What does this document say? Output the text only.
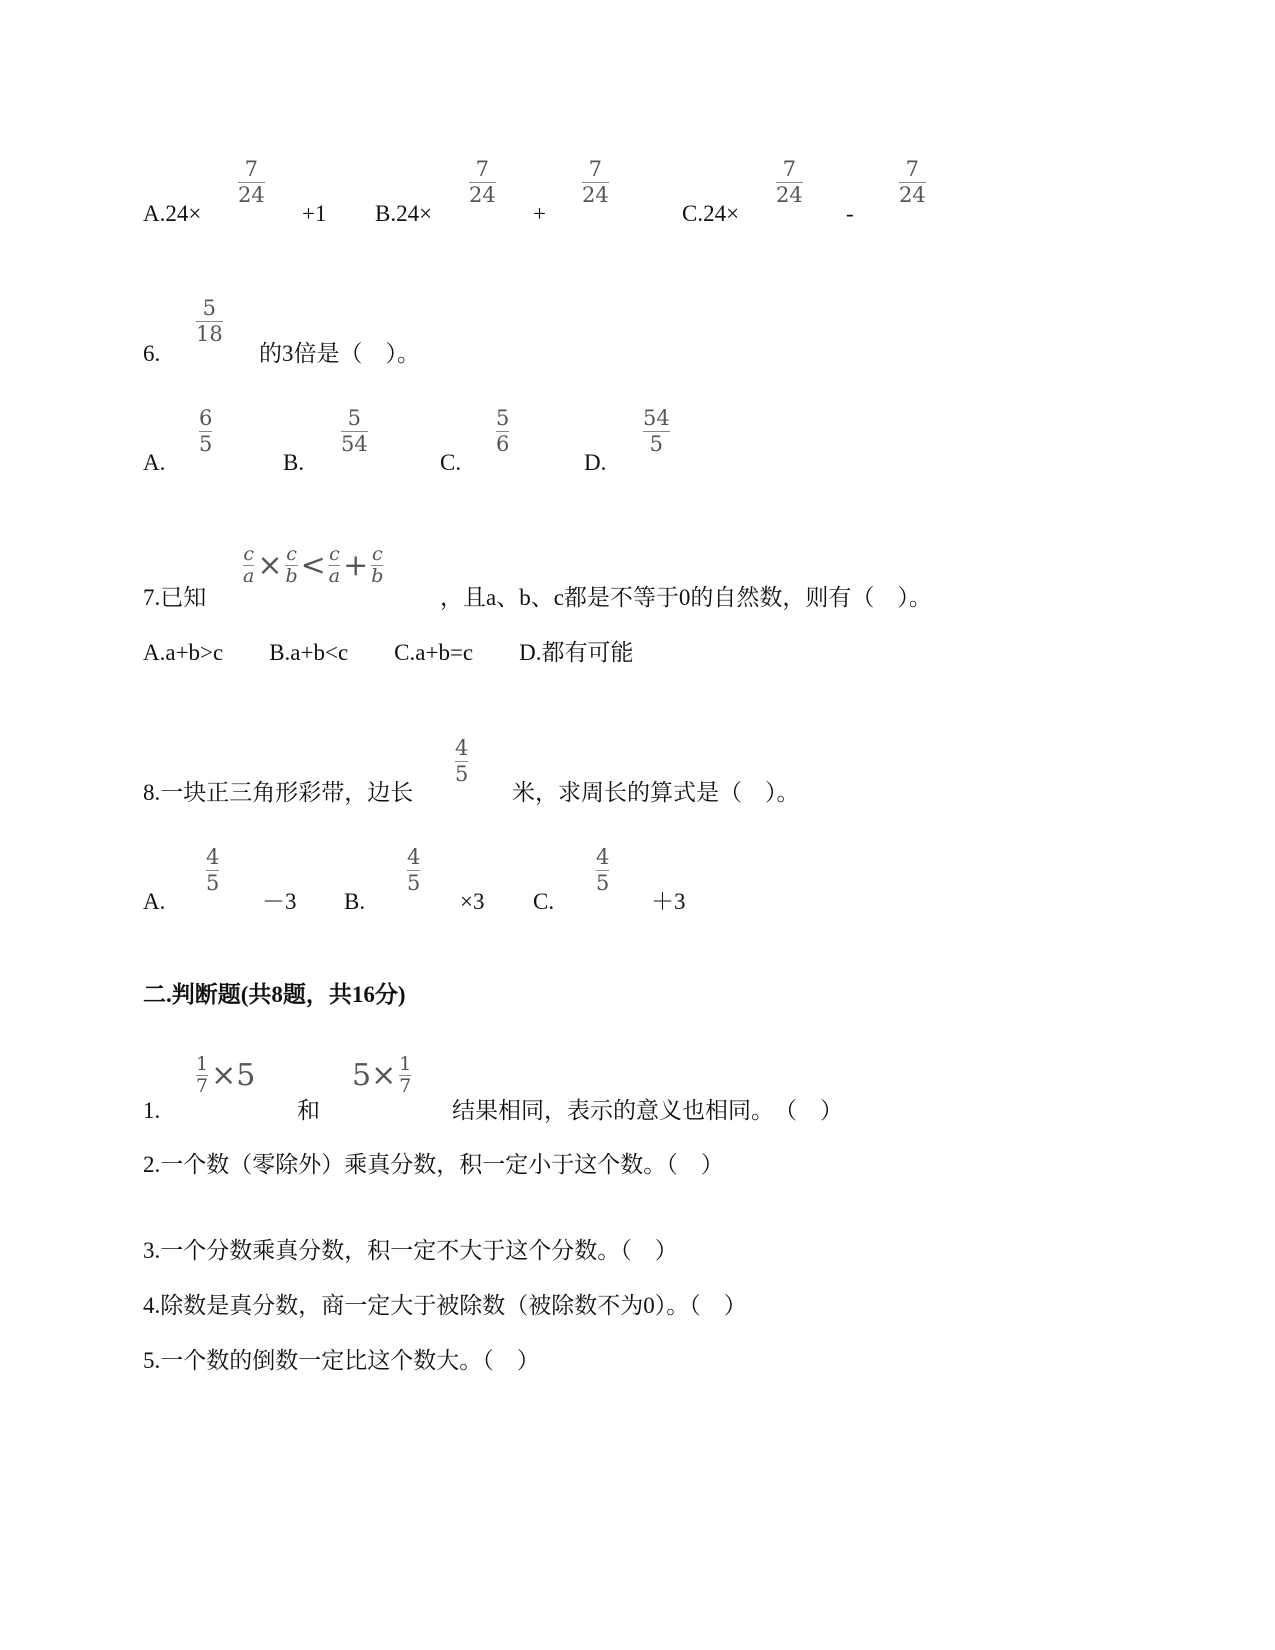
A.24×
7
24
+1 B.24×
7
24
+
7
24
C.24×
7
24
-
7
24
6.
5
18
的3倍是（　）。
A.
6
5
B.
5
54
C.
5
6
D.
54
5
7.已知
c
a × c
b < c
a + c
b
，且a、b、c都是不等于0的自然数，则有（　）。
A.a+b>c　　B.a+b<c　　C.a+b=c　　D.都有可能
8.一块正三角形彩带，边长
4
5
米，求周长的算式是（　）。
A.
4
5
－3 B.
4
5
×3 C.
4
5
＋3
二.判断题(共8题，共16分)
1.
1
7 ×5
和
5× 1
7
结果相同，表示的意义也相同。　（　）
2.一个数（零除外）乘真分数，积一定小于这个数。（　）
3.一个分数乘真分数，积一定不大于这个分数。（　）
4.除数是真分数，商一定大于被除数（被除数不为0）。（　）
5.一个数的倒数一定比这个数大。（　）
